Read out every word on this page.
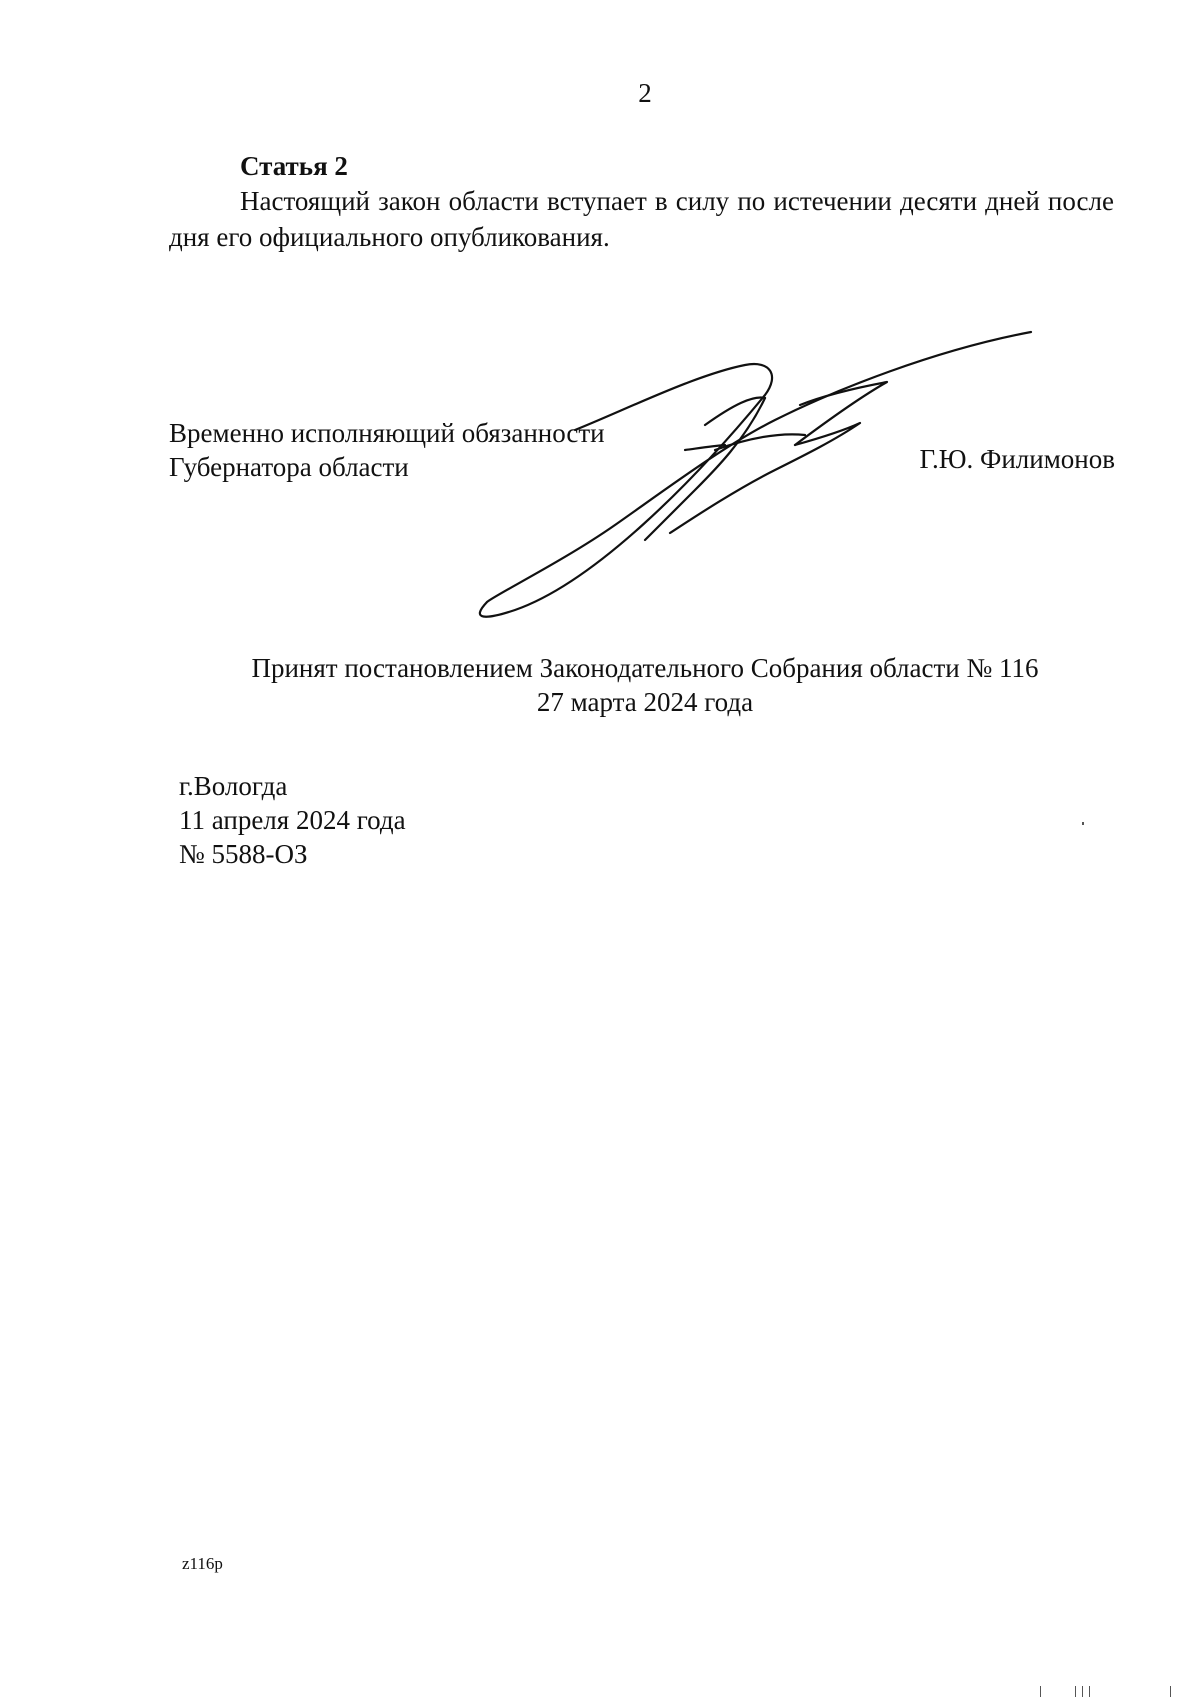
2
Статья 2
Настоящий закон области вступает в силу по истечении десяти дней после дня его официального опубликования.
Временно исполняющий обязанности
Губернатора области	Г.Ю. Филимонов
Принят постановлением Законодательного Собрания области № 116
27 марта 2024 года
г.Вологда
11 апреля 2024 года
№ 5588-ОЗ
z116p
